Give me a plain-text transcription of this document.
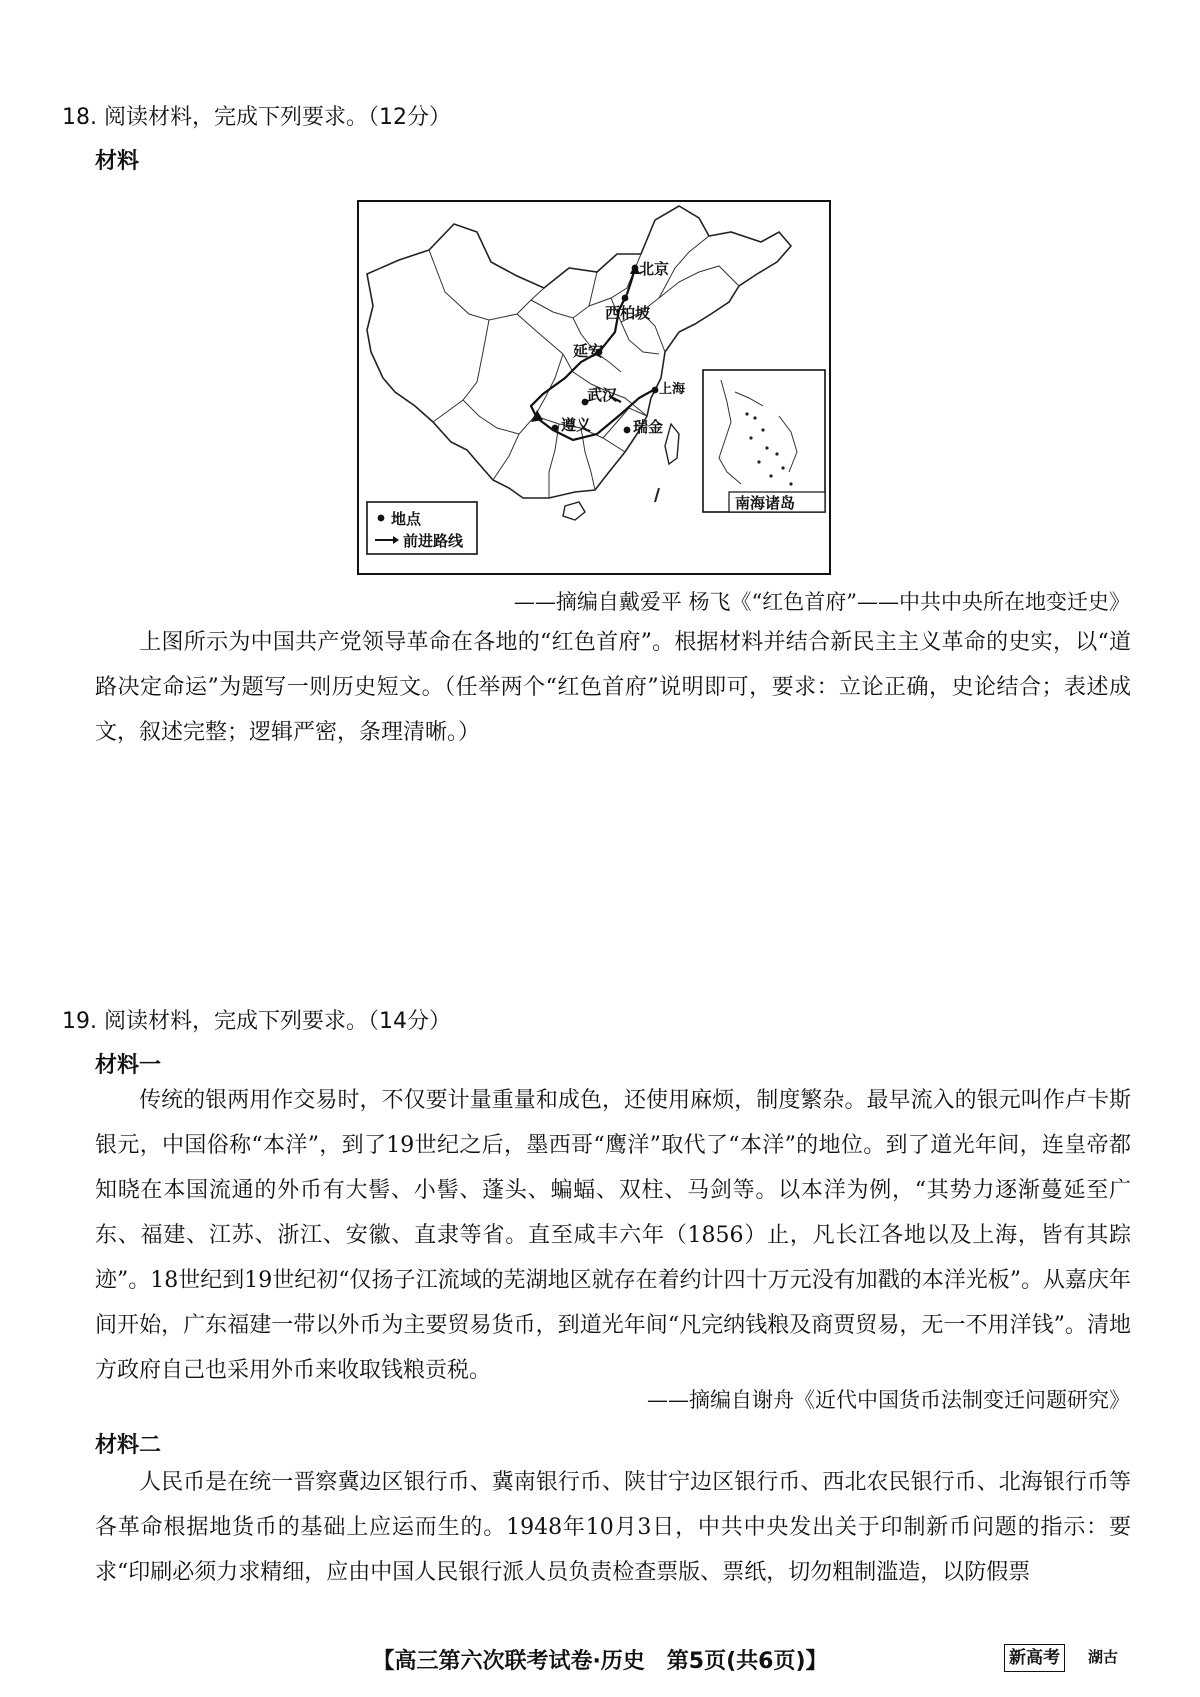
18. 阅读材料，完成下列要求。（12分）
材料
北京
西柏坡
延安
武汉
遵义	瑞金
上海
地点
前进路线
南海诸岛
——摘编自戴爱平 杨飞《“红色首府”——中共中央所在地变迁史》

上图所示为中国共产党领导革命在各地的“红色首府”。根据材料并结合新民主主义革命的史实，以“道路决定命运”为题写一则历史短文。（任举两个“红色首府”说明即可，要求：立论正确，史论结合；表述成文，叙述完整；逻辑严密，条理清晰。）

19. 阅读材料，完成下列要求。（14分）
材料一

传统的银两用作交易时，不仅要计量重量和成色，还使用麻烦，制度繁杂。最早流入的银元叫作卢卡斯银元，中国俗称“本洋”，到了19世纪之后，墨西哥“鹰洋”取代了“本洋”的地位。到了道光年间，连皇帝都知晓在本国流通的外币有大髻、小髻、蓬头、蝙蝠、双柱、马剑等。以本洋为例，“其势力逐渐蔓延至广东、福建、江苏、浙江、安徽、直隶等省。直至咸丰六年（1856）止，凡长江各地以及上海，皆有其踪迹”。18世纪到19世纪初“仅扬子江流域的芜湖地区就存在着约计四十万元没有加戳的本洋光板”。从嘉庆年间开始，广东福建一带以外币为主要贸易货币，到道光年间“凡完纳钱粮及商贾贸易，无一不用洋钱”。清地方政府自己也采用外币来收取钱粮贡税。

——摘编自谢舟《近代中国货币法制变迁问题研究》
材料二

人民币是在统一晋察冀边区银行币、冀南银行币、陕甘宁边区银行币、西北农民银行币、北海银行币等各革命根据地货币的基础上应运而生的。1948年10月3日，中共中央发出关于印制新币问题的指示：要求“印刷必须力求精细，应由中国人民银行派人员负责检查票版、票纸，切勿粗制滥造，以防假票

【高三第六次联考试卷·历史　第5页(共6页)】	新高考	湖古
